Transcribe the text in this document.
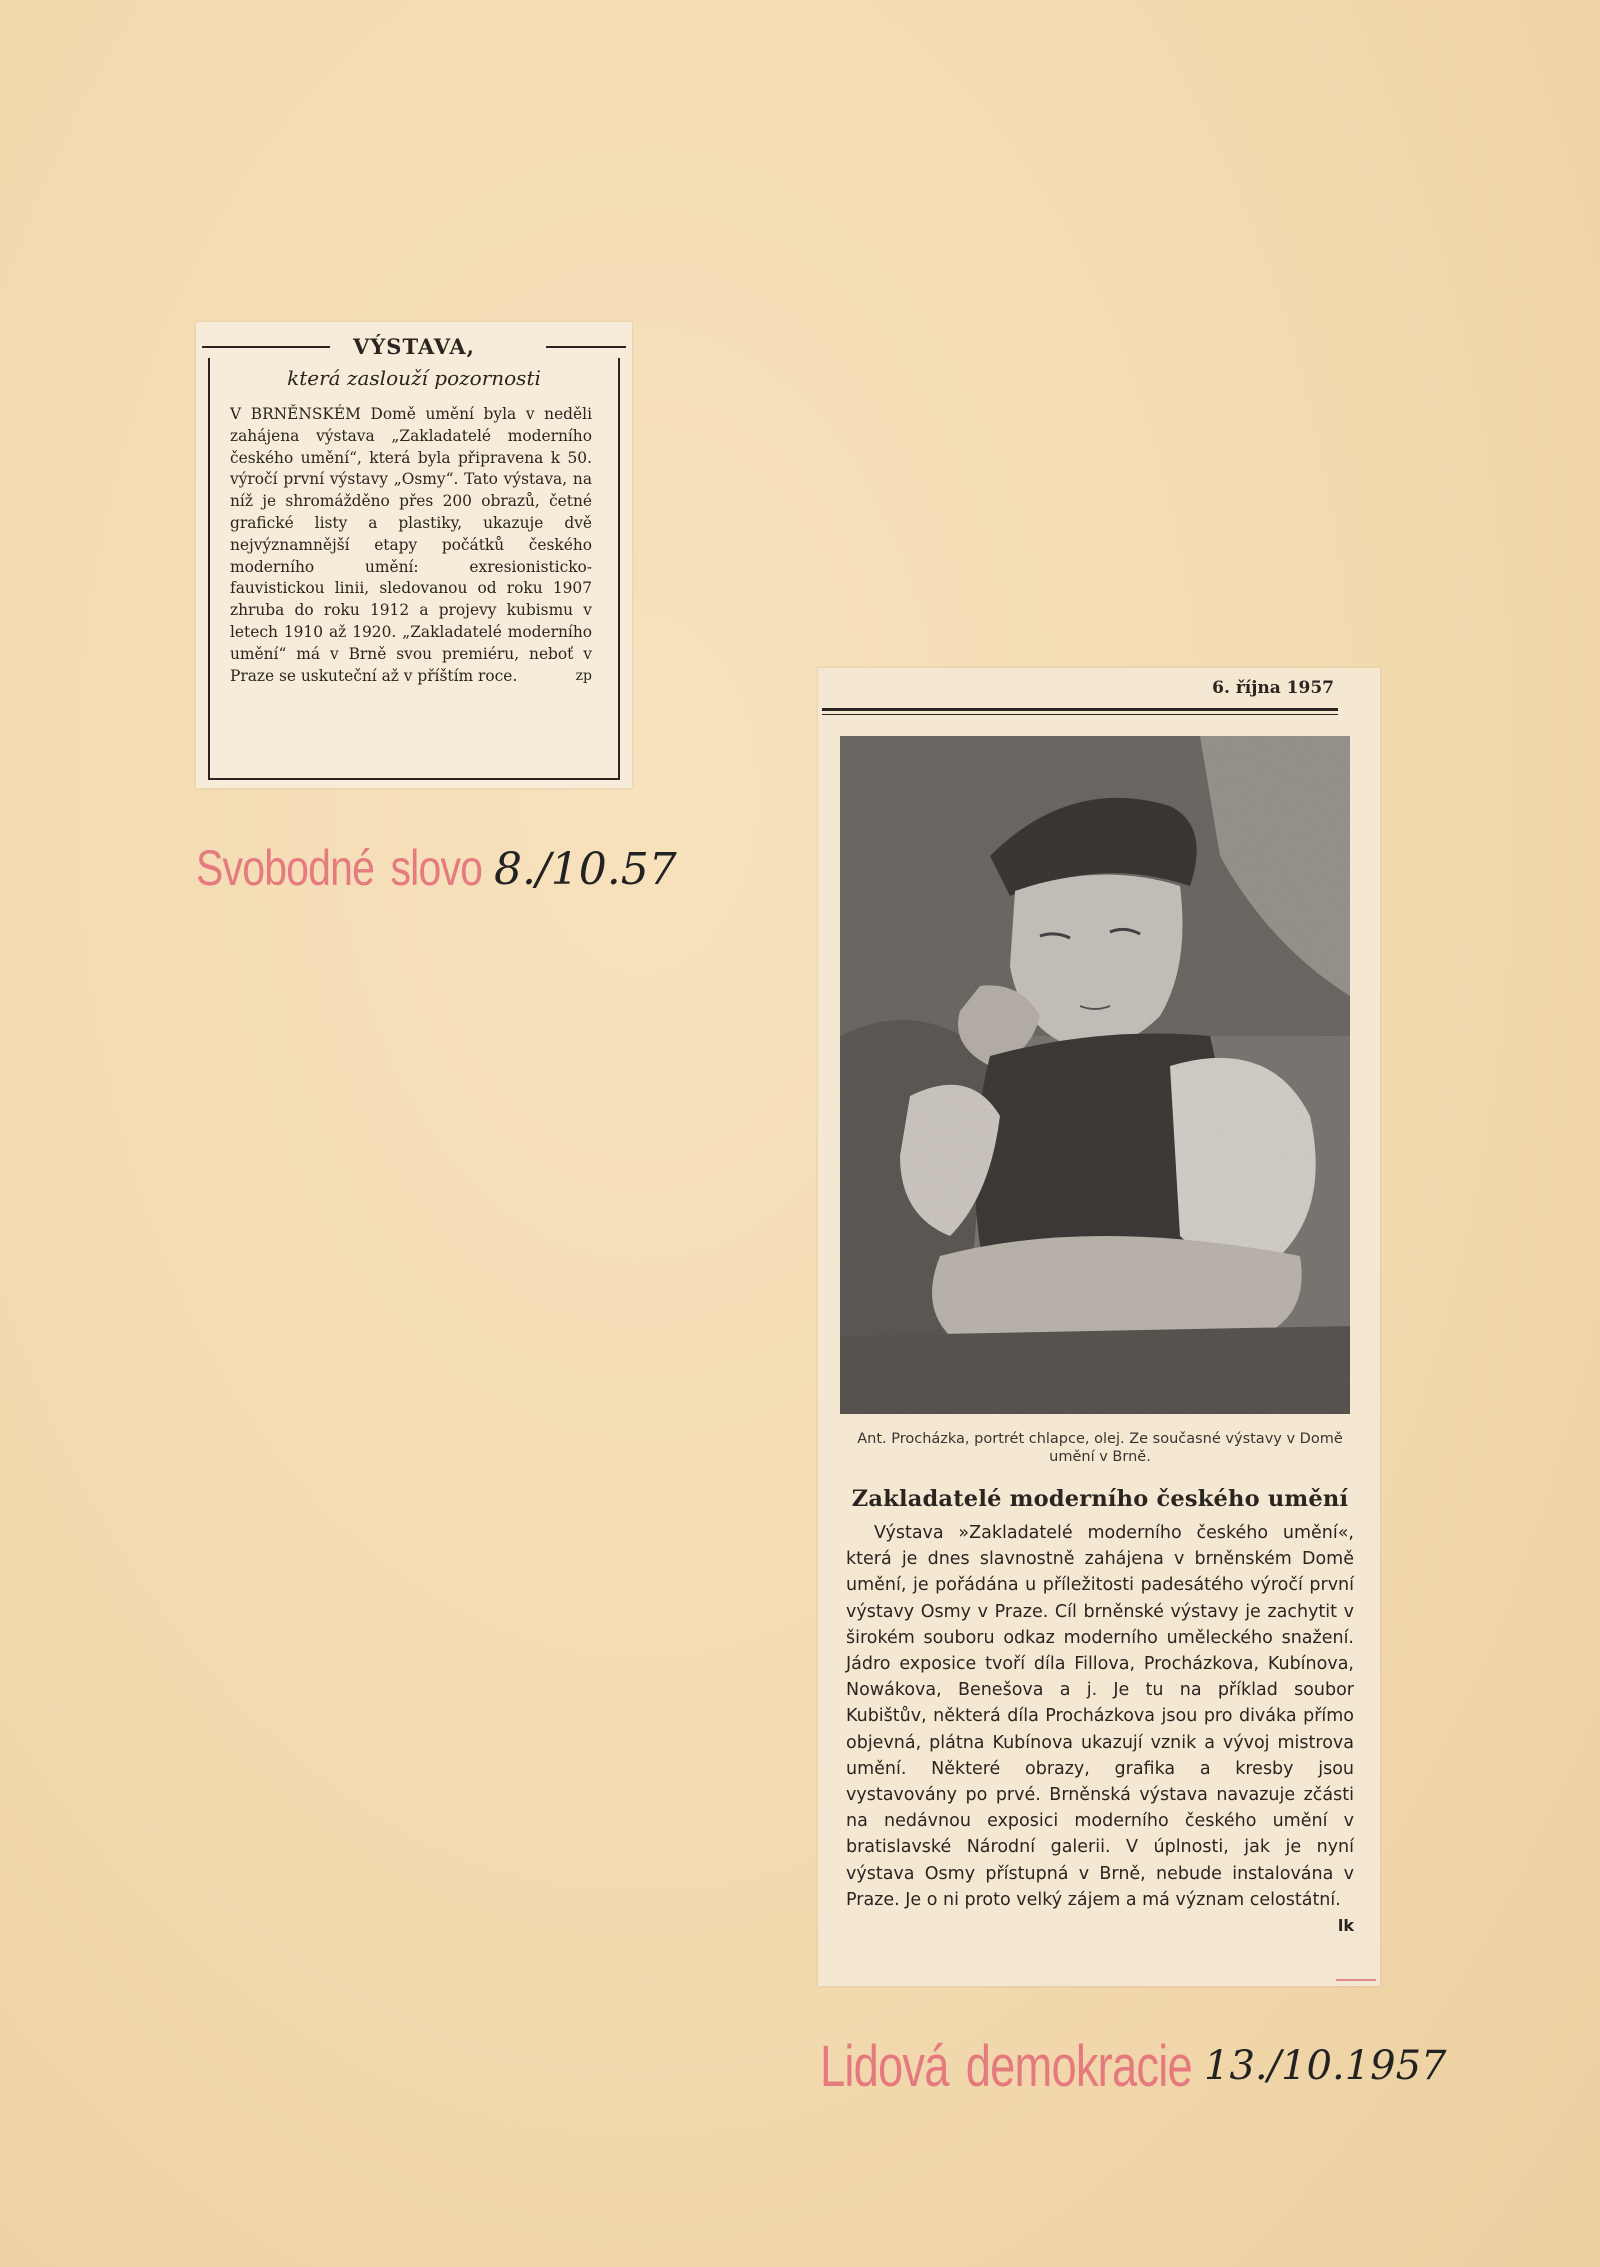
VÝSTAVA,
která zaslouží pozornosti
V BRNĚNSKÉM Domě umění byla v neděli zahájena výstava „Zakladatelé moderního českého umění“, která byla připravena k 50. výročí první výstavy „Osmy“. Tato výstava, na níž je shromážděno přes 200 obrazů, četné grafické listy a plastiky, ukazuje dvě nejvýznamnější etapy počátků českého moderního umění: exresionisticko-fauvistickou linii, sledovanou od roku 1907 zhruba do roku 1912 a projevy kubismu v letech 1910 až 1920. „Zakladatelé moderního umění“ má v Brně svou premiéru, neboť v Praze se uskuteční až v příštím roce.	zp
Svobodné slovo 8./10.57
6. října 1957
Ant. Procházka, portrét chlapce, olej. Ze současné výstavy v Domě umění v Brně.
Zakladatelé moderního českého umění
Výstava »Zakladatelé moderního českého umění«, která je dnes slavnostně zahájena v brněnském Domě umění, je pořádána u příležitosti padesátého výročí první výstavy Osmy v Praze. Cíl brněnské výstavy je zachytit v širokém souboru odkaz moderního uměleckého snažení. Jádro exposice tvoří díla Fillova, Procházkova, Kubínova, Nowákova, Benešova a j. Je tu na příklad soubor Kubištův, některá díla Procházkova jsou pro diváka přímo objevná, plátna Kubínova ukazují vznik a vývoj mistrova umění. Některé obrazy, grafika a kresby jsou vystavovány po prvé. Brněnská výstava navazuje zčásti na nedávnou exposici moderního českého umění v bratislavské Národní galerii. V úplnosti, jak je nyní výstava Osmy přístupná v Brně, nebude instalována v Praze. Je o ni proto velký zájem a má význam celostátní.
lk
Lidová demokracie 13./10.1957
